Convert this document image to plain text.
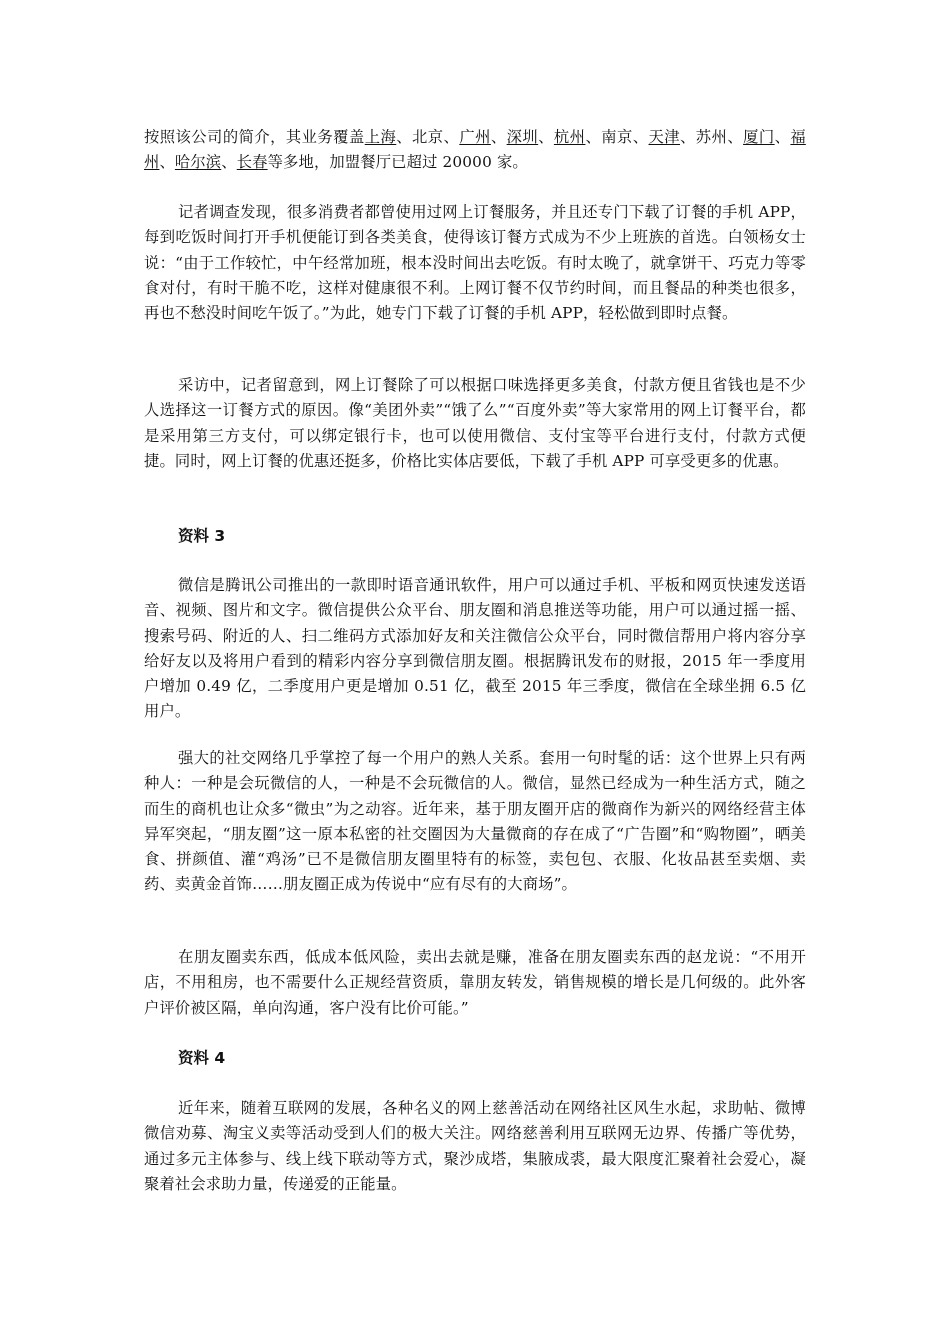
按照该公司的简介，其业务覆盖上海、北京、广州、深圳、杭州、南京、天津、苏州、厦门、福州、哈尔滨、长春等多地，加盟餐厅已超过 20000 家。

记者调查发现，很多消费者都曾使用过网上订餐服务，并且还专门下载了订餐的手机 APP，每到吃饭时间打开手机便能订到各类美食，使得该订餐方式成为不少上班族的首选。白领杨女士说：“由于工作较忙，中午经常加班，根本没时间出去吃饭。有时太晚了，就拿饼干、巧克力等零食对付，有时干脆不吃，这样对健康很不利。上网订餐不仅节约时间，而且餐品的种类也很多，再也不愁没时间吃午饭了。”为此，她专门下载了订餐的手机 APP，轻松做到即时点餐。

采访中，记者留意到，网上订餐除了可以根据口味选择更多美食，付款方便且省钱也是不少人选择这一订餐方式的原因。像“美团外卖”“饿了么”“百度外卖”等大家常用的网上订餐平台，都是采用第三方支付，可以绑定银行卡，也可以使用微信、支付宝等平台进行支付，付款方式便捷。同时，网上订餐的优惠还挺多，价格比实体店要低，下载了手机 APP 可享受更多的优惠。

资料 3

微信是腾讯公司推出的一款即时语音通讯软件，用户可以通过手机、平板和网页快速发送语音、视频、图片和文字。微信提供公众平台、朋友圈和消息推送等功能，用户可以通过摇一摇、搜索号码、附近的人、扫二维码方式添加好友和关注微信公众平台，同时微信帮用户将内容分享给好友以及将用户看到的精彩内容分享到微信朋友圈。根据腾讯发布的财报，2015 年一季度用户增加 0.49 亿，二季度用户更是增加 0.51 亿，截至 2015 年三季度，微信在全球坐拥 6.5 亿用户。

强大的社交网络几乎掌控了每一个用户的熟人关系。套用一句时髦的话：这个世界上只有两种人：一种是会玩微信的人，一种是不会玩微信的人。微信，显然已经成为一种生活方式，随之而生的商机也让众多“微虫”为之动容。近年来，基于朋友圈开店的微商作为新兴的网络经营主体异军突起，“朋友圈”这一原本私密的社交圈因为大量微商的存在成了“广告圈”和“购物圈”，晒美食、拼颜值、灌“鸡汤”已不是微信朋友圈里特有的标签，卖包包、衣服、化妆品甚至卖烟、卖药、卖黄金首饰……朋友圈正成为传说中“应有尽有的大商场”。

在朋友圈卖东西，低成本低风险，卖出去就是赚，准备在朋友圈卖东西的赵龙说：“不用开店，不用租房，也不需要什么正规经营资质，靠朋友转发，销售规模的增长是几何级的。此外客户评价被区隔，单向沟通，客户没有比价可能。”

资料 4

近年来，随着互联网的发展，各种名义的网上慈善活动在网络社区风生水起，求助帖、微博微信劝募、淘宝义卖等活动受到人们的极大关注。网络慈善利用互联网无边界、传播广等优势，通过多元主体参与、线上线下联动等方式，聚沙成塔，集腋成裘，最大限度汇聚着社会爱心，凝聚着社会求助力量，传递爱的正能量。
